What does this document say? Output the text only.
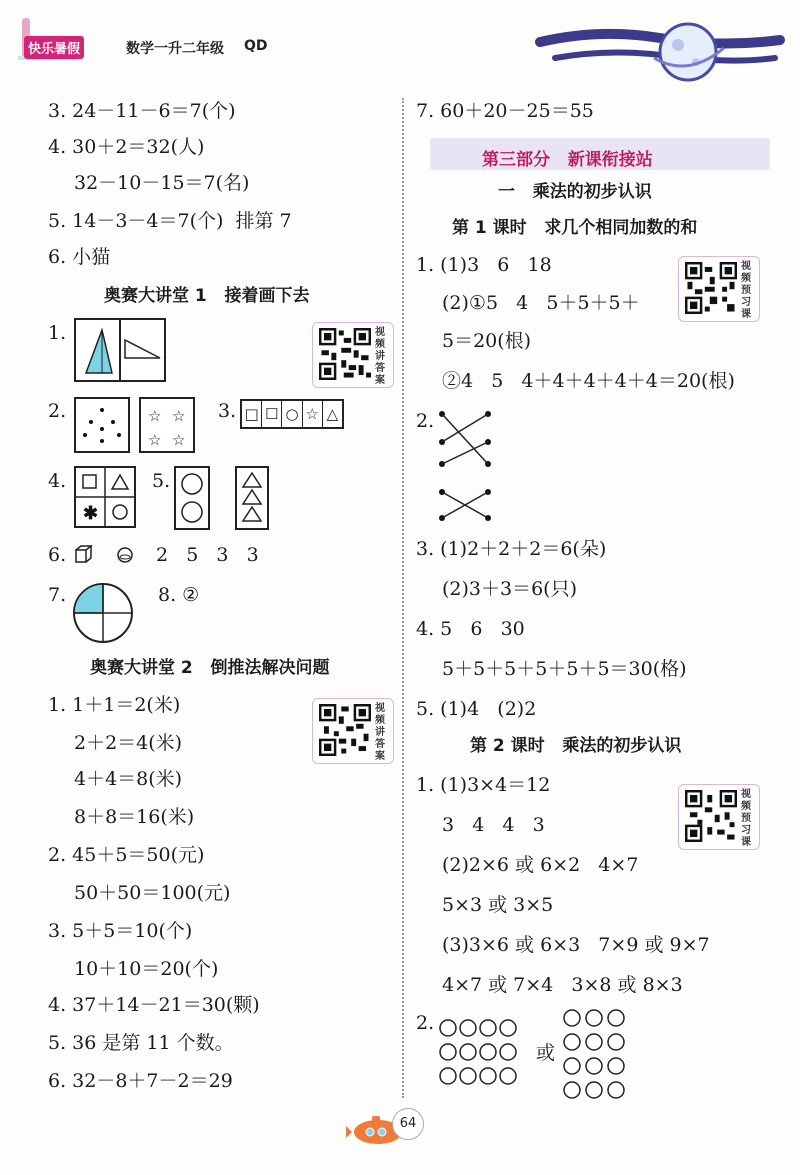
快乐暑假	数学一升二年级 QD
3. 24－11－6＝7(个)
4. 30＋2＝32(人)
32－10－15＝7(名)
5. 14－3－4＝7(个)  排第 7
6. 小猫
奥赛大讲堂 1   接着画下去
1.	视频讲答案
2.	☆ ☆
☆ ☆
3. □ ☐ ○ ☆ △
4.
✱
5.
6.	2   5   3   3
7.	8. ②
奥赛大讲堂 2   倒推法解决问题
1. 1＋1＝2(米)
2＋2＝4(米)
4＋4＝8(米)
8＋8＝16(米)
视频讲答案
2. 45＋5＝50(元)
50＋50＝100(元)
3. 5＋5＝10(个)
10＋10＝20(个)
4. 37＋14－21＝30(颗)
5. 36 是第 11 个数。
6. 32－8＋7－2＝29
7. 60＋20－25＝55
第三部分   新课衔接站
一   乘法的初步认识
第 1 课时   求几个相同加数的和
1. (1)3   6   18
(2)①5   4   5＋5＋5＋
5＝20(根)
②4   5   4＋4＋4＋4＋4＝20(根)
视频预习课
2.
3. (1)2＋2＋2＝6(朵)
(2)3＋3＝6(只)
4. 5   6   30
5＋5＋5＋5＋5＋5＝30(格)
5. (1)4   (2)2
第 2 课时   乘法的初步认识
1. (1)3×4＝12
3   4   4   3
(2)2×6 或 6×2   4×7
5×3 或 3×5
(3)3×6 或 6×3   7×9 或 9×7
4×7 或 7×4   3×8 或 8×3
视频预习课
2.
或
64
